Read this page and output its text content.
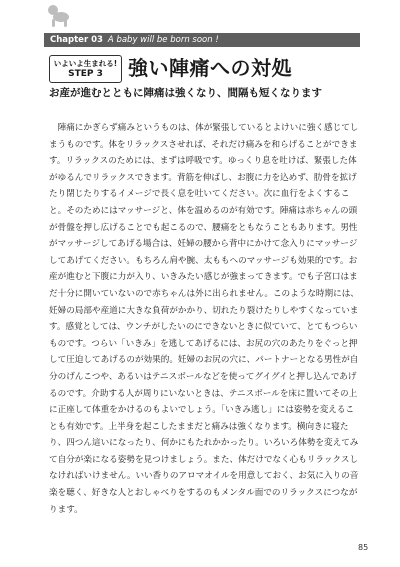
Chapter 03 A baby will be born soon !
いよいよ生まれる!
STEP 3	強い陣痛への対処
お産が進むとともに陣痛は強くなり、間隔も短くなります

陣痛にかぎらず痛みというものは、体が緊張しているとよけいに強く感じてしまうものです。体をリラックスさせれば、それだけ痛みを和らげることができます。リラックスのためには、まずは呼吸です。ゆっくり息を吐けば、緊張した体がゆるんでリラックスできます。背筋を伸ばし、お腹に力を込めず、肋骨を拡げたり閉じたりするイメージで長く息を吐いてください。次に血行をよくすること。そのためにはマッサージと、体を温めるのが有効です。陣痛は赤ちゃんの頭が骨盤を押し広げることでも起こるので、腰痛をともなうこともあります。男性がマッサージしてあげる場合は、妊婦の腰から背中にかけて念入りにマッサージしてあげてください。もちろん肩や腕、太ももへのマッサージも効果的です。お産が進むと下腹に力が入り、いきみたい感じが強まってきます。でも子宮口はまだ十分に開いていないので赤ちゃんは外に出られません。このような時期には、妊婦の局部や産道に大きな負荷がかかり、切れたり裂けたりしやすくなっています。感覚としては、ウンチがしたいのにできないときに似ていて、とてもつらいものです。つらい「いきみ」を逃してあげるには、お尻の穴のあたりをぐっと押して圧迫してあげるのが効果的。妊婦のお尻の穴に、パートナーとなる男性が自分のげんこつや、あるいはテニスボールなどを使ってグイグイと押し込んであげるのです。介助する人が周りにいないときは、テニスボールを床に置いてその上に正座して体重をかけるのもよいでしょう。「いきみ逃し」には姿勢を変えることも有効です。上半身を起こしたままだと痛みは強くなります。横向きに寝たり、四つん這いになったり、何かにもたれかかったり。いろいろ体勢を変えてみて自分が楽になる姿勢を見つけましょう。また、体だけでなく心もリラックスしなければいけません。いい香りのアロマオイルを用意しておく、お気に入りの音楽を聴く、好きな人とおしゃべりをするのもメンタル面でのリラックスにつながります。

85
